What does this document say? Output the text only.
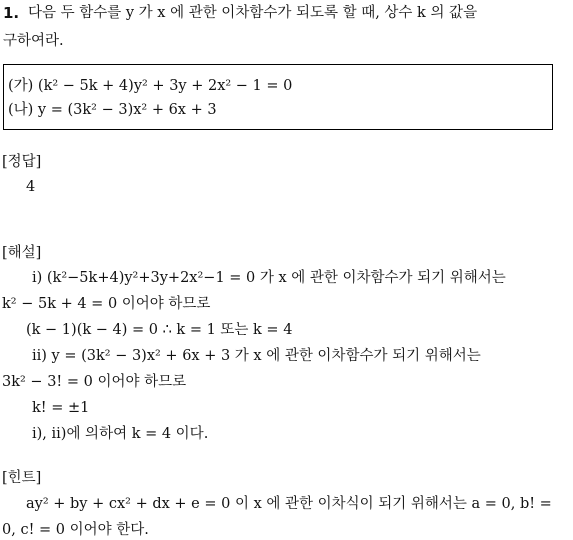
1. 다음 두 함수를 y 가 x 에 관한 이차함수가 되도록 할 때, 상수 k 의 값을
구하여라.
(가) (k² − 5k + 4)y² + 3y + 2x² − 1 = 0
(나) y = (3k² − 3)x² + 6x + 3
[정답]
4
[해설]
ⅰ) (k²−5k+4)y²+3y+2x²−1 = 0 가 x 에 관한 이차함수가 되기 위해서는
k² − 5k + 4 = 0 이어야 하므로
(k − 1)(k − 4) = 0 ∴ k = 1 또는 k = 4
ⅱ) y = (3k² − 3)x² + 6x + 3 가 x 에 관한 이차함수가 되기 위해서는
3k² − 3! = 0 이어야 하므로
k! = ±1
ⅰ), ⅱ)에 의하여 k = 4 이다.
[힌트]
ay² + by + cx² + dx + e = 0 이 x 에 관한 이차식이 되기 위해서는 a = 0, b! =
0, c! = 0 이어야 한다.
